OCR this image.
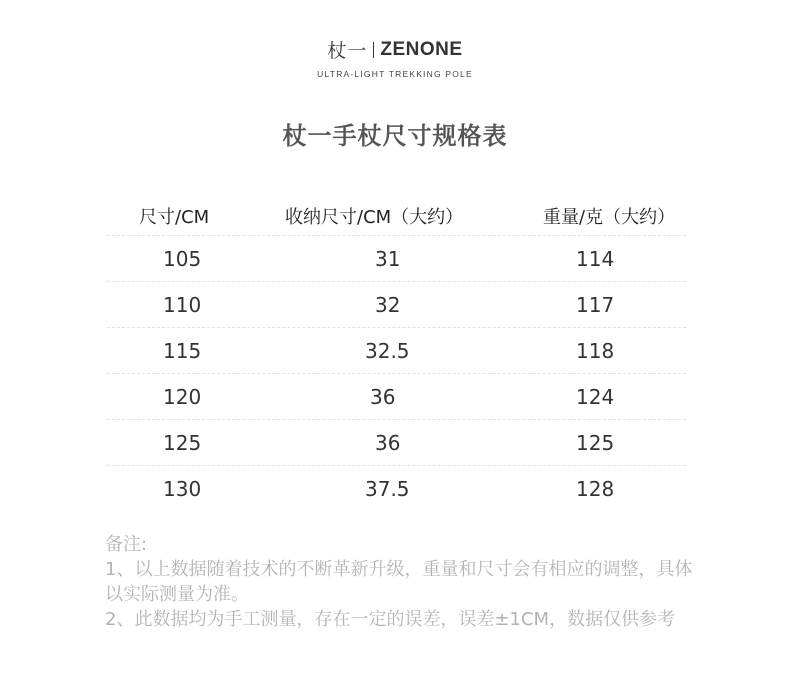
杖一 ZENONE
ULTRA-LIGHT TREKKING POLE
杖一手杖尺寸规格表
尺寸/CM	收纳尺寸/CM（大约）	重量/克（大约）
105	31	114
110	32	117
115	32.5	118
120	36	124
125	36	125
130	37.5	128

备注:

1、以上数据随着技术的不断革新升级，重量和尺寸会有相应的调整，具体以实际测量为准。

2、此数据均为手工测量，存在一定的误差，误差±1CM，数据仅供参考
